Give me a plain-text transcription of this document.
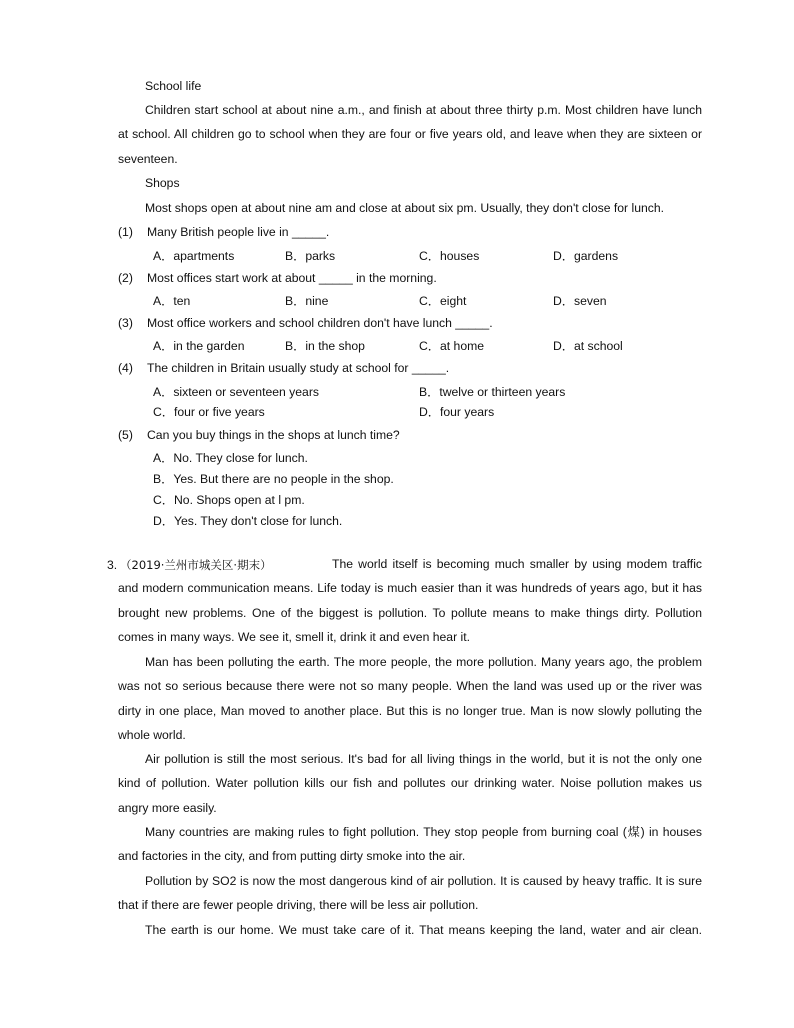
School life
Children start school at about nine a.m., and finish at about three thirty p.m. Most children have lunch at school. All children go to school when they are four or five years old, and leave when they are sixteen or seventeen.
Shops
Most shops open at about nine am and close at about six pm. Usually, they don't close for lunch.
(1) Many British people live in _____.
A．apartments	B．parks	C．houses	D．gardens
(2) Most offices start work at about _____ in the morning.
A．ten	B．nine	C．eight	D．seven
(3) Most office workers and school children don't have lunch _____.
A．in the garden	B．in the shop	C．at home	D．at school
(4) The children in Britain usually study at school for _____.
A．sixteen or seventeen years	B．twelve or thirteen years
C．four or five years	D．four years
(5) Can you buy things in the shops at lunch time?
A．No. They close for lunch.
B．Yes. But there are no people in the shop.
C．No. Shops open at l pm.
D．Yes. They don't close for lunch.
3. （2019·兰州市城关区·期末）	The world itself is becoming much smaller by using modem traffic and modern communication means. Life today is much easier than it was hundreds of years ago, but it has brought new problems. One of the biggest is pollution. To pollute means to make things dirty. Pollution comes in many ways. We see it, smell it, drink it and even hear it.
Man has been polluting the earth. The more people, the more pollution. Many years ago, the problem was not so serious because there were not so many people. When the land was used up or the river was dirty in one place, Man moved to another place. But this is no longer true. Man is now slowly polluting the whole world.
Air pollution is still the most serious. It's bad for all living things in the world, but it is not the only one kind of pollution. Water pollution kills our fish and pollutes our drinking water. Noise pollution makes us angry more easily.
Many countries are making rules to fight pollution. They stop people from burning coal (煤) in houses and factories in the city, and from putting dirty smoke into the air.
Pollution by SO2 is now the most dangerous kind of air pollution. It is caused by heavy traffic. It is sure that if there are fewer people driving, there will be less air pollution.
The earth is our home. We must take care of it. That means keeping the land, water and air clean.
